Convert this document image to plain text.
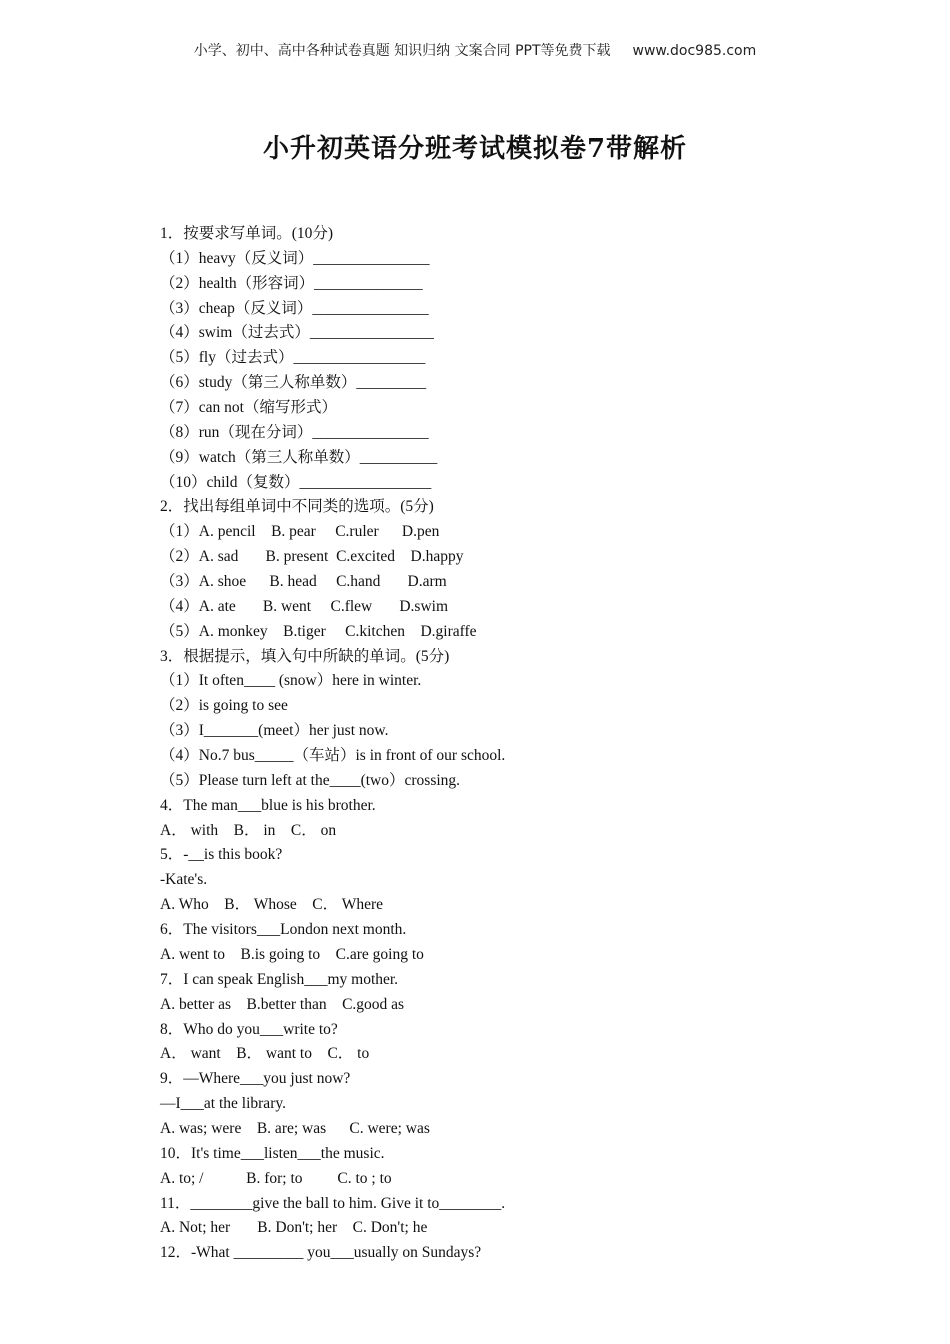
小学、初中、高中各种试卷真题 知识归纳 文案合同 PPT等免费下载 www.doc985.com
小升初英语分班考试模拟卷7带解析
1．按要求写单词。(10分)
（1）heavy（反义词）_______________
（2）health（形容词）______________
（3）cheap（反义词）_______________
（4）swim（过去式）________________
（5）fly（过去式）_________________
（6）study（第三人称单数）_________
（7）can not（缩写形式）
（8）run（现在分词）_______________
（9）watch（第三人称单数）__________
（10）child（复数）_________________
2．找出每组单词中不同类的选项。(5分)
（1）A. pencil    B. pear     C.ruler      D.pen
（2）A. sad       B. present  C.excited    D.happy
（3）A. shoe      B. head     C.hand       D.arm
（4）A. ate       B. went     C.flew       D.swim
（5）A. monkey    B.tiger     C.kitchen    D.giraffe
3．根据提示，填入句中所缺的单词。(5分)
（1）It often____ (snow）here in winter.
（2）is going to see
（3）I_______(meet）her just now.
（4）No.7 bus_____（车站）is in front of our school.
（5）Please turn left at the____(two）crossing.
4．The man___blue is his brother.
A． with    B． in    C． on
5．-__is this book?
-Kate's.
A. Who    B． Whose    C． Where
6．The visitors___London next month.
A. went to    B.is going to    C.are going to
7．I can speak English___my mother.
A. better as    B.better than    C.good as
8．Who do you___write to?
A． want    B． want to    C． to
9．—Where___you just now?
—I___at the library.
A. was; were    B. are; was      C. were; was
10．It's time___listen___the music.
A. to; /           B. for; to         C. to ; to
11．________give the ball to him. Give it to________.
A. Not; her       B. Don't; her    C. Don't; he
12．-What _________ you___usually on Sundays?
